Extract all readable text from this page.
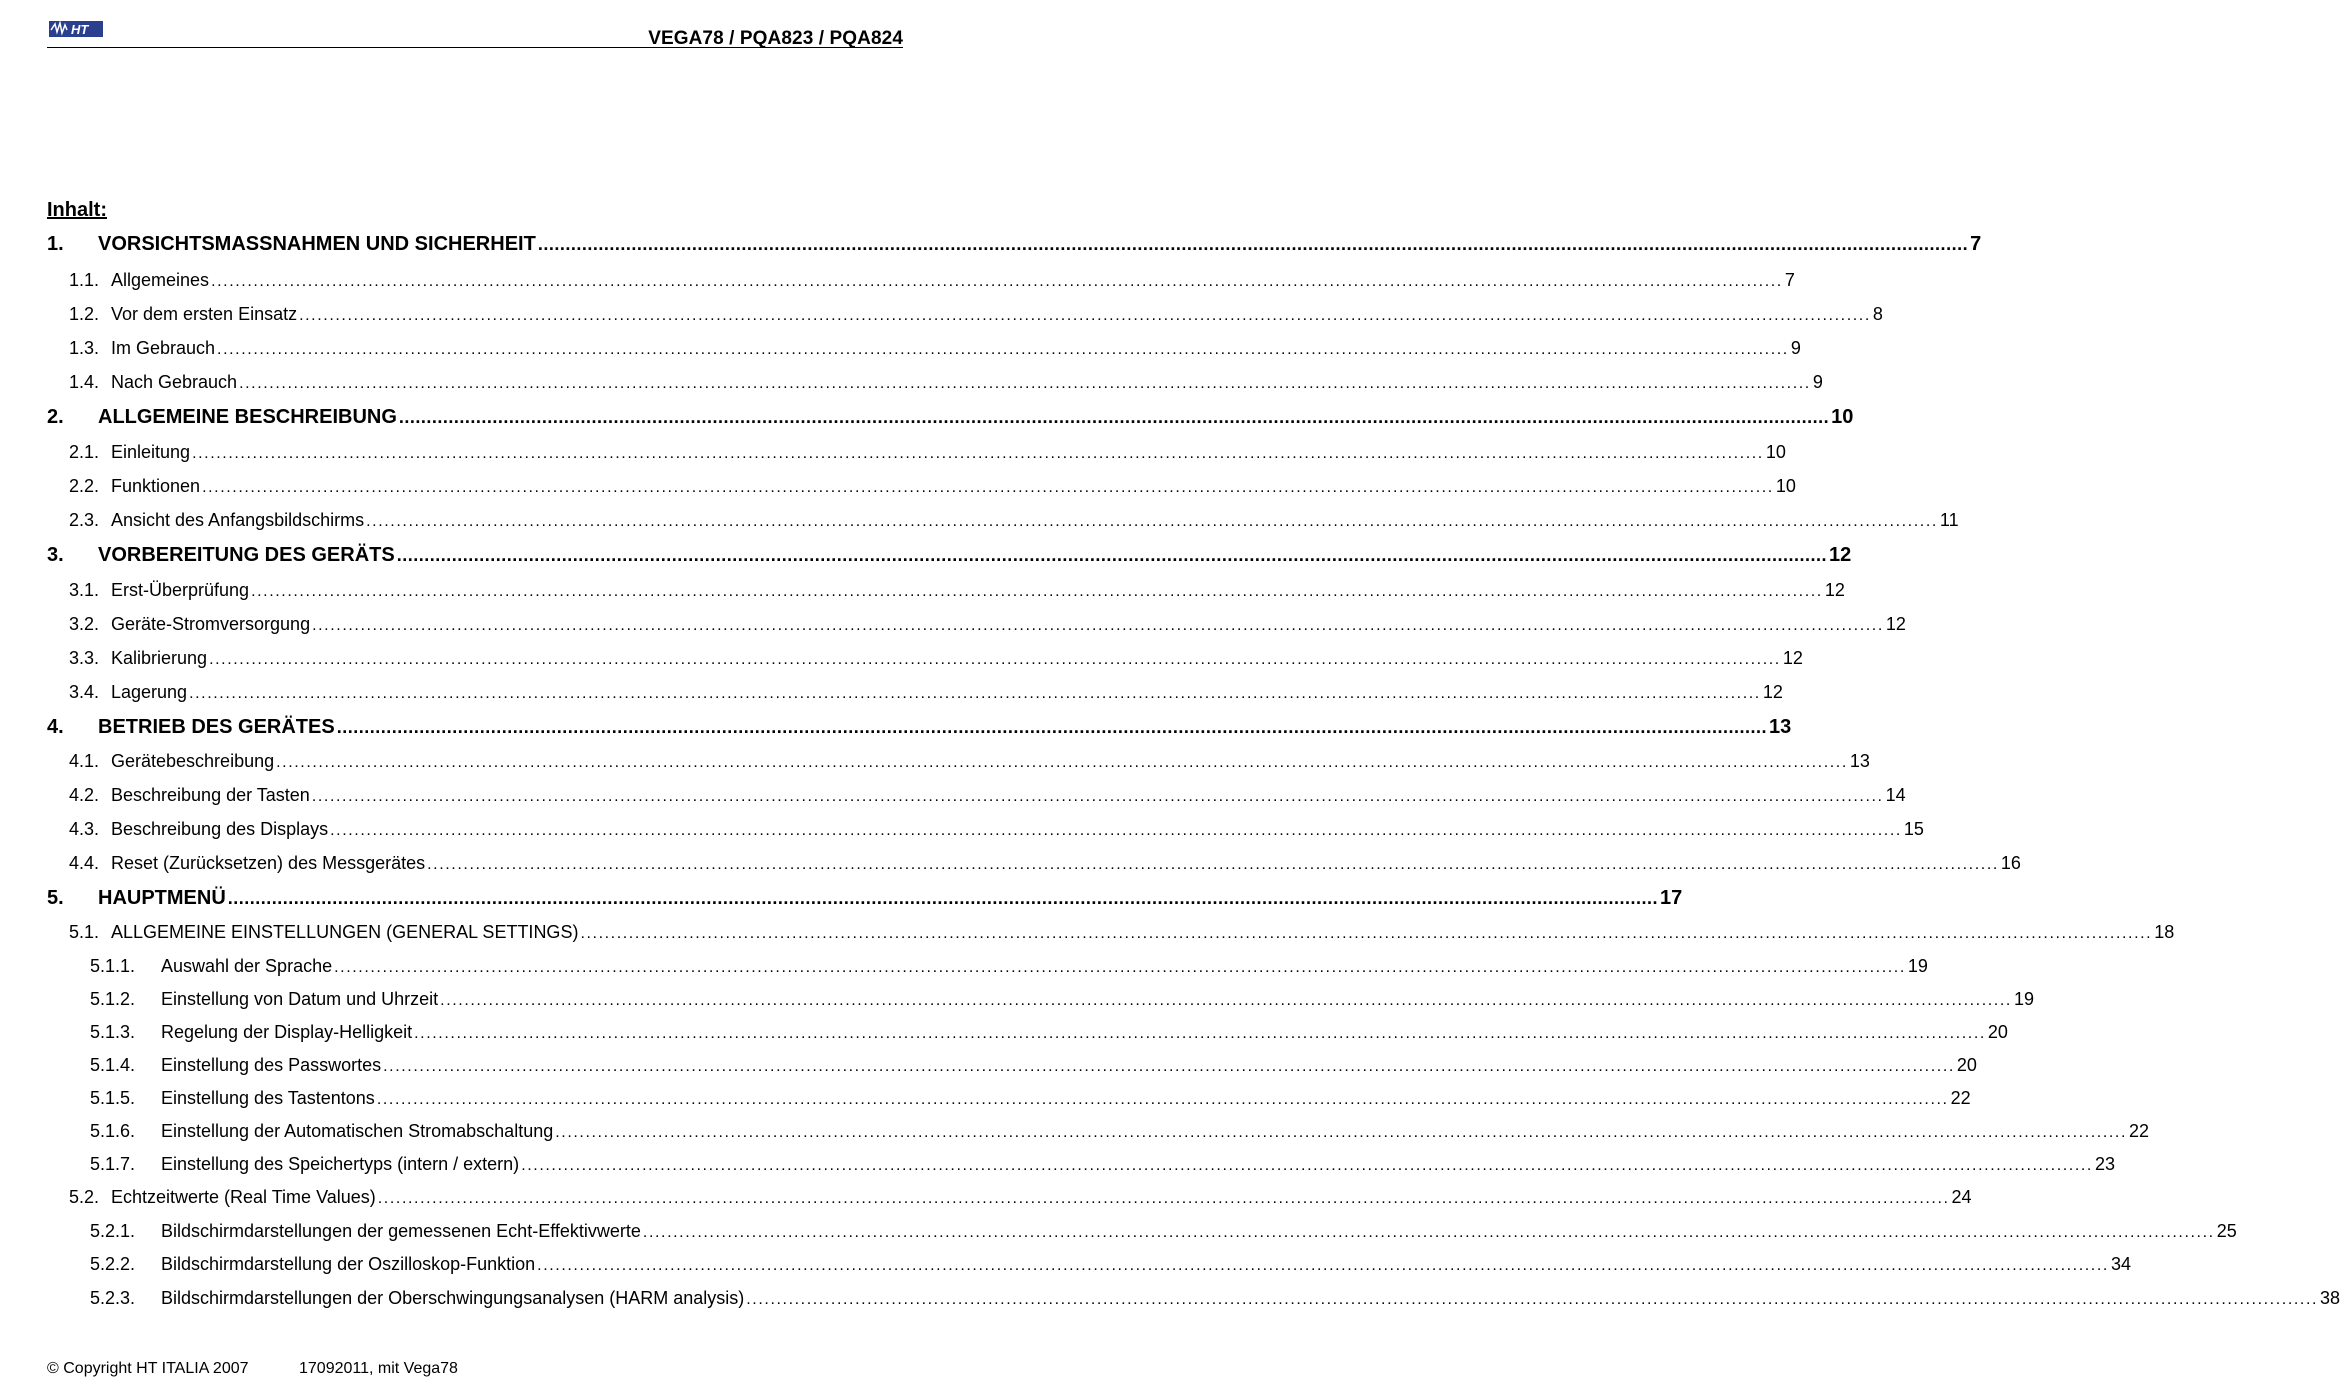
HT	VEGA78 / PQA823 / PQA824
Inhalt:
1.	VORSICHTSMASSNAHMEN UND SICHERHEIT .................................................................................................................................................................................................................................................................... 7
1.1. Allgemeines .................................................................................................................................................................................................................................................................... 7
1.2. Vor dem ersten Einsatz .................................................................................................................................................................................................................................................................... 8
1.3. Im Gebrauch .................................................................................................................................................................................................................................................................... 9
1.4. Nach Gebrauch .................................................................................................................................................................................................................................................................... 9
2.	ALLGEMEINE BESCHREIBUNG .................................................................................................................................................................................................................................................................... 10
2.1. Einleitung .................................................................................................................................................................................................................................................................... 10
2.2. Funktionen .................................................................................................................................................................................................................................................................... 10
2.3. Ansicht des Anfangsbildschirms .................................................................................................................................................................................................................................................................... 11
3.	VORBEREITUNG DES GERÄTS .................................................................................................................................................................................................................................................................... 12
3.1. Erst-Überprüfung .................................................................................................................................................................................................................................................................... 12
3.2. Geräte-Stromversorgung .................................................................................................................................................................................................................................................................... 12
3.3. Kalibrierung .................................................................................................................................................................................................................................................................... 12
3.4. Lagerung .................................................................................................................................................................................................................................................................... 12
4.	BETRIEB DES GERÄTES .................................................................................................................................................................................................................................................................... 13
4.1. Gerätebeschreibung .................................................................................................................................................................................................................................................................... 13
4.2. Beschreibung der Tasten .................................................................................................................................................................................................................................................................... 14
4.3. Beschreibung des Displays .................................................................................................................................................................................................................................................................... 15
4.4. Reset (Zurücksetzen) des Messgerätes .................................................................................................................................................................................................................................................................... 16
5.	HAUPTMENÜ .................................................................................................................................................................................................................................................................... 17
5.1. ALLGEMEINE EINSTELLUNGEN (GENERAL SETTINGS) .................................................................................................................................................................................................................................................................... 18
5.1.1.	Auswahl der Sprache .................................................................................................................................................................................................................................................................... 19
5.1.2.	Einstellung von Datum und Uhrzeit .................................................................................................................................................................................................................................................................... 19
5.1.3.	Regelung der Display-Helligkeit .................................................................................................................................................................................................................................................................... 20
5.1.4.	Einstellung des Passwortes .................................................................................................................................................................................................................................................................... 20
5.1.5.	Einstellung des Tastentons .................................................................................................................................................................................................................................................................... 22
5.1.6.	Einstellung der Automatischen Stromabschaltung .................................................................................................................................................................................................................................................................... 22
5.1.7.	Einstellung des Speichertyps (intern / extern) .................................................................................................................................................................................................................................................................... 23
5.2. Echtzeitwerte (Real Time Values) .................................................................................................................................................................................................................................................................... 24
5.2.1.	Bildschirmdarstellungen der gemessenen Echt-Effektivwerte .................................................................................................................................................................................................................................................................... 25
5.2.2.	Bildschirmdarstellung der Oszilloskop-Funktion .................................................................................................................................................................................................................................................................... 34
5.2.3.	Bildschirmdarstellungen der Oberschwingungsanalysen (HARM analysis) .................................................................................................................................................................................................................................................................... 38
© Copyright HT ITALIA 2007	17092011, mit Vega78
